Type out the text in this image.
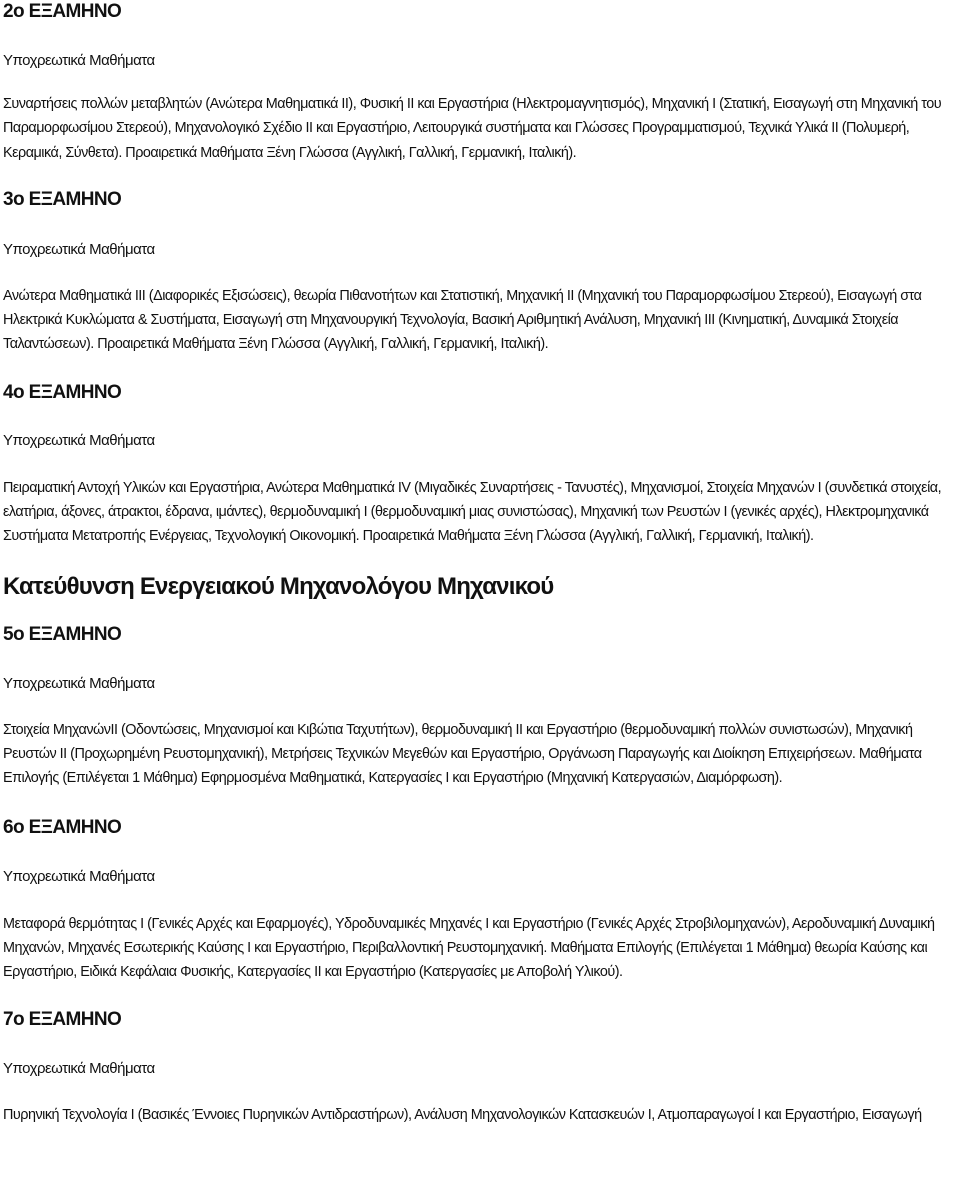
2ο ΕΞΑΜΗΝΟ
Υποχρεωτικά Μαθήματα

Συναρτήσεις πολλών μεταβλητών (Ανώτερα Μαθηματικά ΙΙ), Φυσική ΙΙ και Εργαστήρια (Ηλεκτρομαγνητισμός), Μηχανική Ι (Στατική, Εισαγωγή στη Μηχανική του Παραμορφωσίμου Στερεού), Μηχανολογικό Σχέδιο ΙΙ και Εργαστήριο, Λειτουργικά συστήματα και Γλώσσες Προγραμματισμού, Τεχνικά Υλικά ΙΙ (Πολυμερή, Κεραμικά, Σύνθετα). Προαιρετικά Μαθήματα Ξένη Γλώσσα (Αγγλική, Γαλλική, Γερμανική, Ιταλική).

3ο ΕΞΑΜΗΝΟ
Υποχρεωτικά Μαθήματα

Ανώτερα Μαθηματικά ΙΙΙ (Διαφορικές Εξισώσεις), θεωρία Πιθανοτήτων και Στατιστική, Μηχανική ΙΙ (Μηχανική του Παραμορφωσίμου Στερεού), Εισαγωγή στα Ηλεκτρικά Κυκλώματα & Συστήματα, Εισαγωγή στη Μηχανουργική Τεχνολογία, Βασική Αριθμητική Ανάλυση, Μηχανική ΙΙΙ (Κινηματική, Δυναμικά Στοιχεία Ταλαντώσεων). Προαιρετικά Μαθήματα Ξένη Γλώσσα (Αγγλική, Γαλλική, Γερμανική, Ιταλική).

4ο ΕΞΑΜΗΝΟ
Υποχρεωτικά Μαθήματα

Πειραματική Αντοχή Υλικών και Εργαστήρια, Ανώτερα Μαθηματικά IV (Μιγαδικές Συναρτήσεις - Τανυστές), Μηχανισμοί, Στοιχεία Μηχανών Ι (συνδετικά στοιχεία, ελατήρια, άξονες, άτρακτοι, έδρανα, ιμάντες), θερμοδυναμική Ι (θερμοδυναμική μιας συνιστώσας), Μηχανική των Ρευστών Ι (γενικές αρχές), Ηλεκτρομηχανικά Συστήματα Μετατροπής Ενέργειας, Τεχνολογική Οικονομική. Προαιρετικά Μαθήματα Ξένη Γλώσσα (Αγγλική, Γαλλική, Γερμανική, Ιταλική).

Κατεύθυνση Ενεργειακού Μηχανολόγου Μηχανικού
5ο ΕΞΑΜΗΝΟ
Υποχρεωτικά Μαθήματα

Στοιχεία ΜηχανώνΙΙ (Οδοντώσεις, Μηχανισμοί και Κιβώτια Ταχυτήτων), θερμοδυναμική ΙΙ και Εργαστήριο (θερμοδυναμική πολλών συνιστωσών), Μηχανική Ρευστών ΙΙ (Προχωρημένη Ρευστομηχανική), Μετρήσεις Τεχνικών Μεγεθών και Εργαστήριο, Οργάνωση Παραγωγής και Διοίκηση Επιχειρήσεων. Μαθήματα Επιλογής (Επιλέγεται 1 Μάθημα) Εφηρμοσμένα Μαθηματικά, Κατεργασίες Ι και Εργαστήριο (Μηχανική Κατεργασιών, Διαμόρφωση).

6ο ΕΞΑΜΗΝΟ
Υποχρεωτικά Μαθήματα

Μεταφορά θερμότητας Ι (Γενικές Αρχές και Εφαρμογές), Υδροδυναμικές Μηχανές Ι και Εργαστήριο (Γενικές Αρχές Στροβιλομηχανών), Αεροδυναμική Δυναμική Μηχανών, Μηχανές Εσωτερικής Καύσης Ι και Εργαστήριο, Περιβαλλοντική Ρευστομηχανική. Μαθήματα Επιλογής (Επιλέγεται 1 Μάθημα) θεωρία Καύσης και Εργαστήριο, Ειδικά Κεφάλαια Φυσικής, Κατεργασίες ΙΙ και Εργαστήριο (Κατεργασίες με Αποβολή Υλικού).

7ο ΕΞΑΜΗΝΟ
Υποχρεωτικά Μαθήματα

Πυρηνική Τεχνολογία Ι (Βασικές Έννοιες Πυρηνικών Αντιδραστήρων), Ανάλυση Μηχανολογικών Κατασκευών Ι, Ατμοπαραγωγοί Ι και Εργαστήριο, Εισαγωγή
